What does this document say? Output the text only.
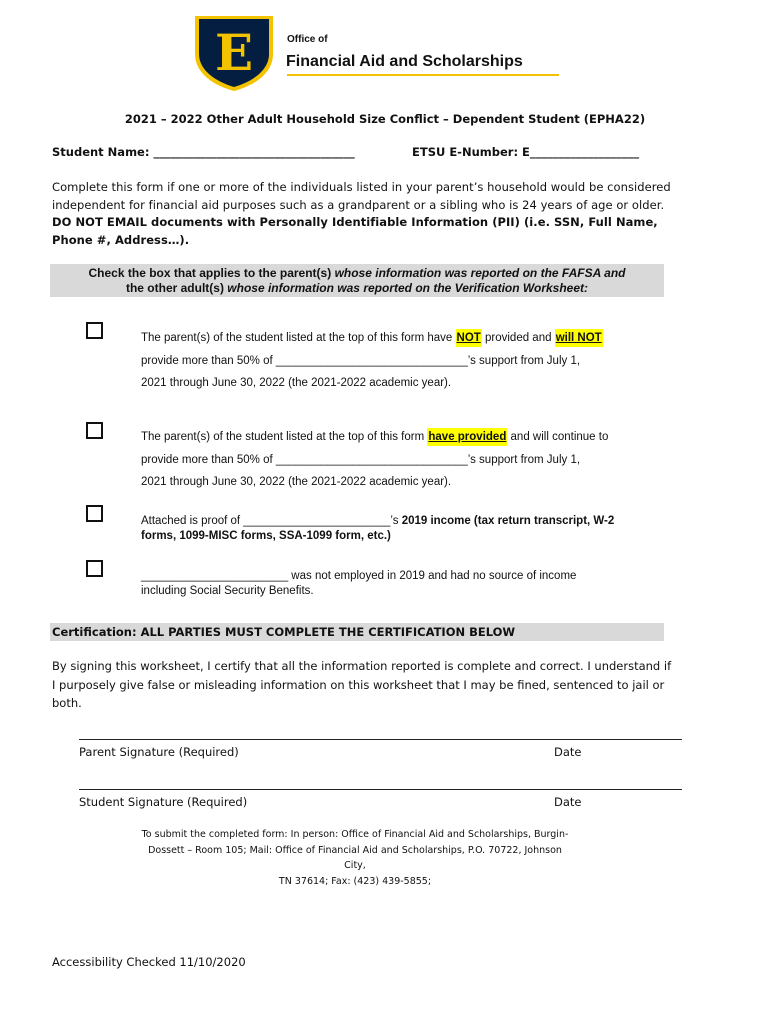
E	Office of
Financial Aid and Scholarships
2021 – 2022 Other Adult Household Size Conflict – Dependent Student (EPHA22)
Student Name: ___________________________________	ETSU E-Number: E___________________
Complete this form if one or more of the individuals listed in your parent’s household would be considered independent for financial aid purposes such as a grandparent or a sibling who is 24 years of age or older. DO NOT EMAIL documents with Personally Identifiable Information (PII) (i.e. SSN, Full Name, Phone #, Address…).
Check the box that applies to the parent(s) whose information was reported on the FAFSA and
the other adult(s) whose information was reported on the Verification Worksheet:
The parent(s) of the student listed at the top of this form have NOT provided and will NOT
provide more than 50% of ______________________________’s support from July 1,
2021 through June 30, 2022 (the 2021-2022 academic year).
The parent(s) of the student listed at the top of this form have provided and will continue to
provide more than 50% of ______________________________’s support from July 1,
2021 through June 30, 2022 (the 2021-2022 academic year).
Attached is proof of _______________________’s 2019 income (tax return transcript, W-2 forms, 1099-MISC forms, SSA-1099 form, etc.)
_______________________ was not employed in 2019 and had no source of income
including Social Security Benefits.
Certification: ALL PARTIES MUST COMPLETE THE CERTIFICATION BELOW
By signing this worksheet, I certify that all the information reported is complete and correct. I understand if I purposely give false or misleading information on this worksheet that I may be fined, sentenced to jail or both.
Parent Signature (Required)	Date
Student Signature (Required)	Date
To submit the completed form: In person: Office of Financial Aid and Scholarships, Burgin-
Dossett – Room 105; Mail: Office of Financial Aid and Scholarships, P.O. 70722, Johnson City,
TN 37614; Fax: (423) 439-5855;
Accessibility Checked 11/10/2020
